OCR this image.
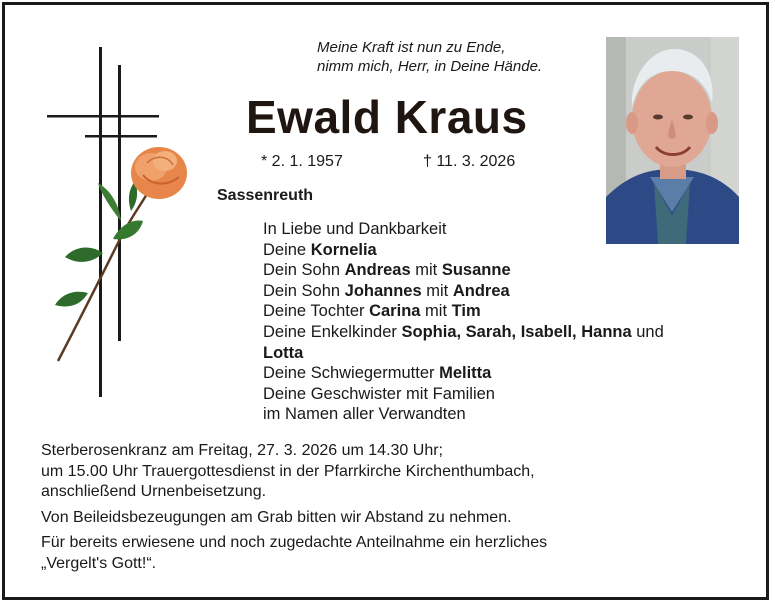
Meine Kraft ist nun zu Ende,
nimm mich, Herr, in Deine Hände.
Ewald Kraus
* 2. 1. 1957	† 11. 3. 2026
Sassenreuth
In Liebe und Dankbarkeit
Deine Kornelia
Dein Sohn Andreas mit Susanne
Dein Sohn Johannes mit Andrea
Deine Tochter Carina mit Tim
Deine Enkelkinder Sophia, Sarah, Isabell, Hanna und
Lotta
Deine Schwiegermutter Melitta
Deine Geschwister mit Familien
im Namen aller Verwandten

Sterberosenkranz am Freitag, 27. 3. 2026 um 14.30 Uhr;
um 15.00 Uhr Trauergottesdienst in der Pfarrkirche Kirchenthumbach,
anschließend Urnenbeisetzung.

Von Beileidsbezeugungen am Grab bitten wir Abstand zu nehmen.

Für bereits erwiesene und noch zugedachte Anteilnahme ein herzliches
„Vergelt's Gott!“.
